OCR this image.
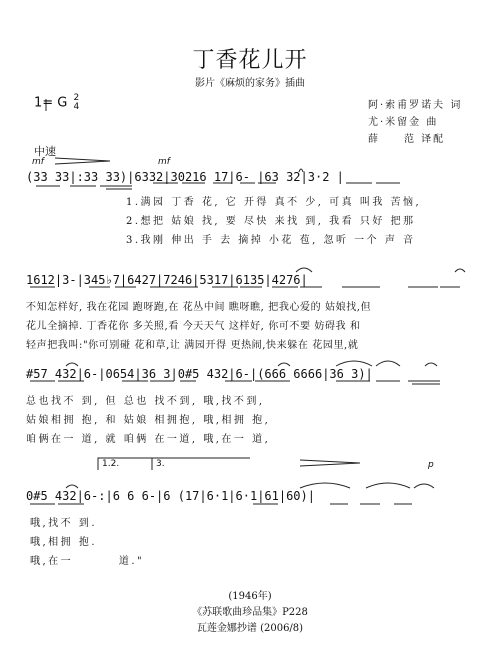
丁香花儿开
影片《麻烦的家务》插曲
1= G 2
4	阿·索甫罗诺夫 词
尤·米留金 曲
薛　　范 译配
中速
mf	mf
(33 33|:33 33)|6332|30216 17|6- |63 32|3·2 |
1.满园 丁香 花, 它 开得 真不 少, 可真 叫我 苦恼,
2.想把 姑娘 找, 要 尽快 来找 到, 我看 只好 把那
3.我刚 伸出 手 去 摘掉 小花 苞, 忽听 一个 声 音
1612|3-|345♭7|6427|7246|5317|6135|4276|
不知怎样好, 我在花园 跑呀跑,在 花丛中间 瞧呀瞧, 把我心爱的 姑娘找,但
花儿全摘掉. 丁香花你 多关照,看 今天天气 这样好, 你可不要 妨碍我 和
轻声把我叫:"你可别碰 花和草,让 满园开得 更热闹,快来躲在 花园里,就
#57 432|6-|0654|36 3|0#5 432|6-|(666 6666|36 3)|
总也找不 到, 但 总也 找不到, 哦,找不到,
姑娘相拥 抱, 和 姑娘 相拥抱, 哦,相拥 抱,
咱俩在一 道, 就 咱俩 在一道, 哦,在一 道,
1.2.	3.	p
0#5 432|6-:|6 6 6-|6 (17|6·1|6·1|61|60)|
哦,找不 到.
哦,相拥 抱.
哦,在一 道."
(1946年)
《苏联歌曲珍品集》P228
瓦莲金娜抄谱 (2006/8)
